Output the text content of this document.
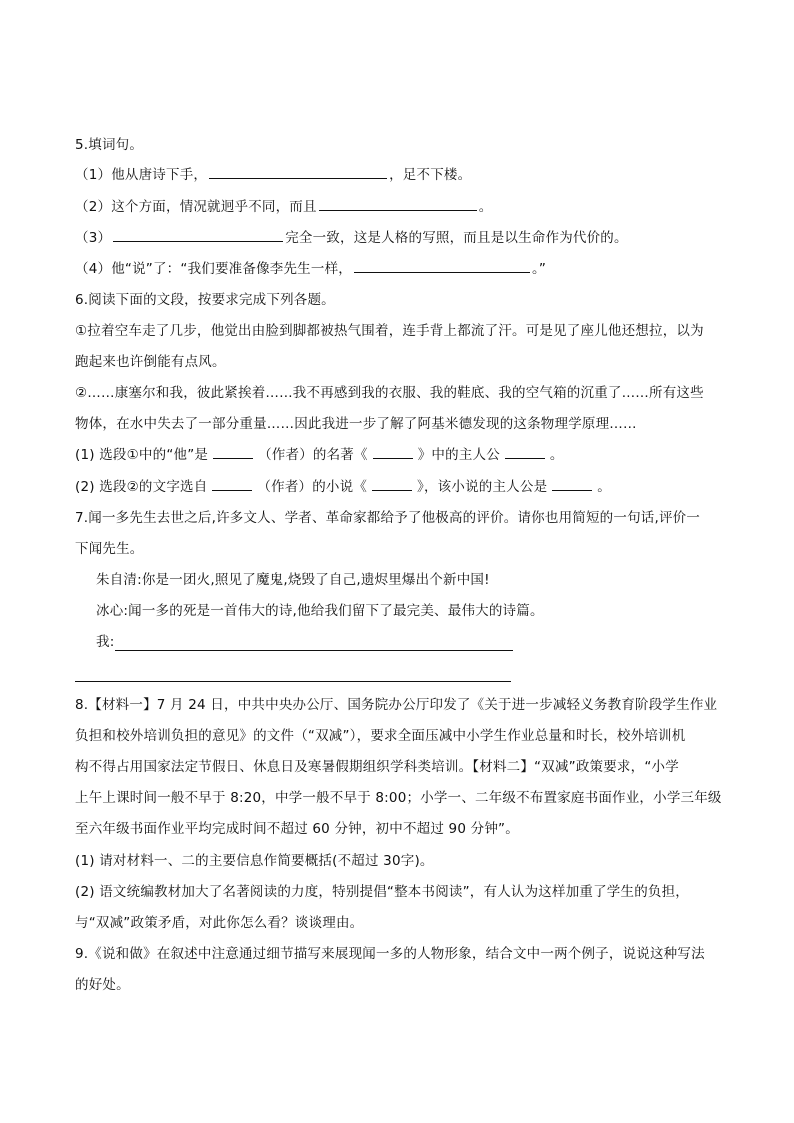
5.填词句。
（1）他从唐诗下手，	，足不下楼。
（2）这个方面，情况就迥乎不同，而且	。
（3）	完全一致，这是人格的写照，而且是以生命作为代价的。
（4）他“说”了：“我们要准备像李先生一样，	。”
6.阅读下面的文段，按要求完成下列各题。
①拉着空车走了几步，他觉出由脸到脚都被热气围着，连手背上都流了汗。可是见了座儿他还想拉，以为
跑起来也许倒能有点风。
②……康塞尔和我，彼此紧挨着……我不再感到我的衣服、我的鞋底、我的空气箱的沉重了……所有这些
物体，在水中失去了一部分重量……因此我进一步了解了阿基米德发现的这条物理学原理……
(1) 选段①中的“他”是	（作者）的名著《	》中的主人公	。
(2) 选段②的文字选自	（作者）的小说《	》，该小说的主人公是	。
7.闻一多先生去世之后,许多文人、学者、革命家都给予了他极高的评价。请你也用简短的一句话,评价一
下闻先生。
朱自清:你是一团火,照见了魔鬼,烧毁了自己,遗烬里爆出个新中国!
冰心:闻一多的死是一首伟大的诗,他给我们留下了最完美、最伟大的诗篇。
我:
8.【材料一】7 月 24 日，中共中央办公厅、国务院办公厅印发了《关于进一步减轻义务教育阶段学生作业
负担和校外培训负担的意见》的文件（“双减”），要求全面压减中小学生作业总量和时长，校外培训机
构不得占用国家法定节假日、休息日及寒暑假期组织学科类培训。【材料二】“双减”政策要求，“小学
上午上课时间一般不早于 8:20，中学一般不早于 8:00；小学一、二年级不布置家庭书面作业，小学三年级
至六年级书面作业平均完成时间不超过 60 分钟，初中不超过 90 分钟”。
(1) 请对材料一、二的主要信息作简要概括(不超过 30字)。
(2) 语文统编教材加大了名著阅读的力度，特别提倡“整本书阅读”，有人认为这样加重了学生的负担，
与“双减”政策矛盾，对此你怎么看？谈谈理由。
9.《说和做》在叙述中注意通过细节描写来展现闻一多的人物形象，结合文中一两个例子，说说这种写法
的好处。
